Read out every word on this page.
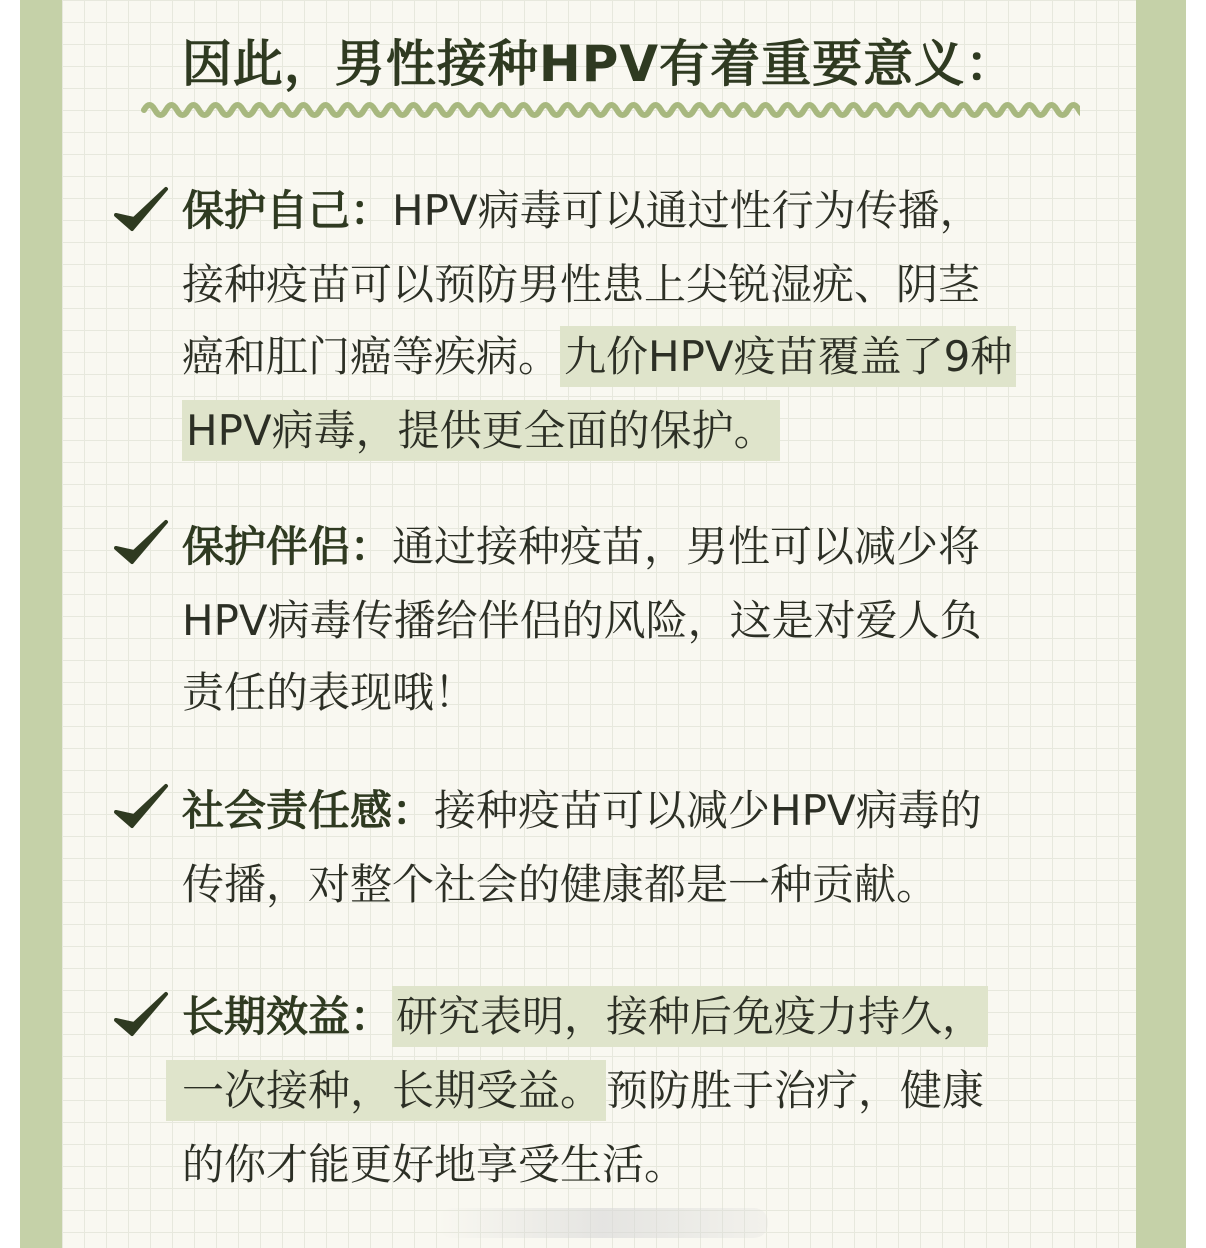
因此，男性接种HPV有着重要意义：
保护自己：HPV病毒可以通过性行为传播，
接种疫苗可以预防男性患上尖锐湿疣、阴茎
癌和肛门癌等疾病。九价HPV疫苗覆盖了9种
HPV病毒，提供更全面的保护。
保护伴侣：通过接种疫苗，男性可以减少将
HPV病毒传播给伴侣的风险，这是对爱人负
责任的表现哦！
社会责任感：接种疫苗可以减少HPV病毒的
传播，对整个社会的健康都是一种贡献。
长期效益：研究表明，接种后免疫力持久，
一次接种，长期受益。预防胜于治疗，健康
的你才能更好地享受生活。
